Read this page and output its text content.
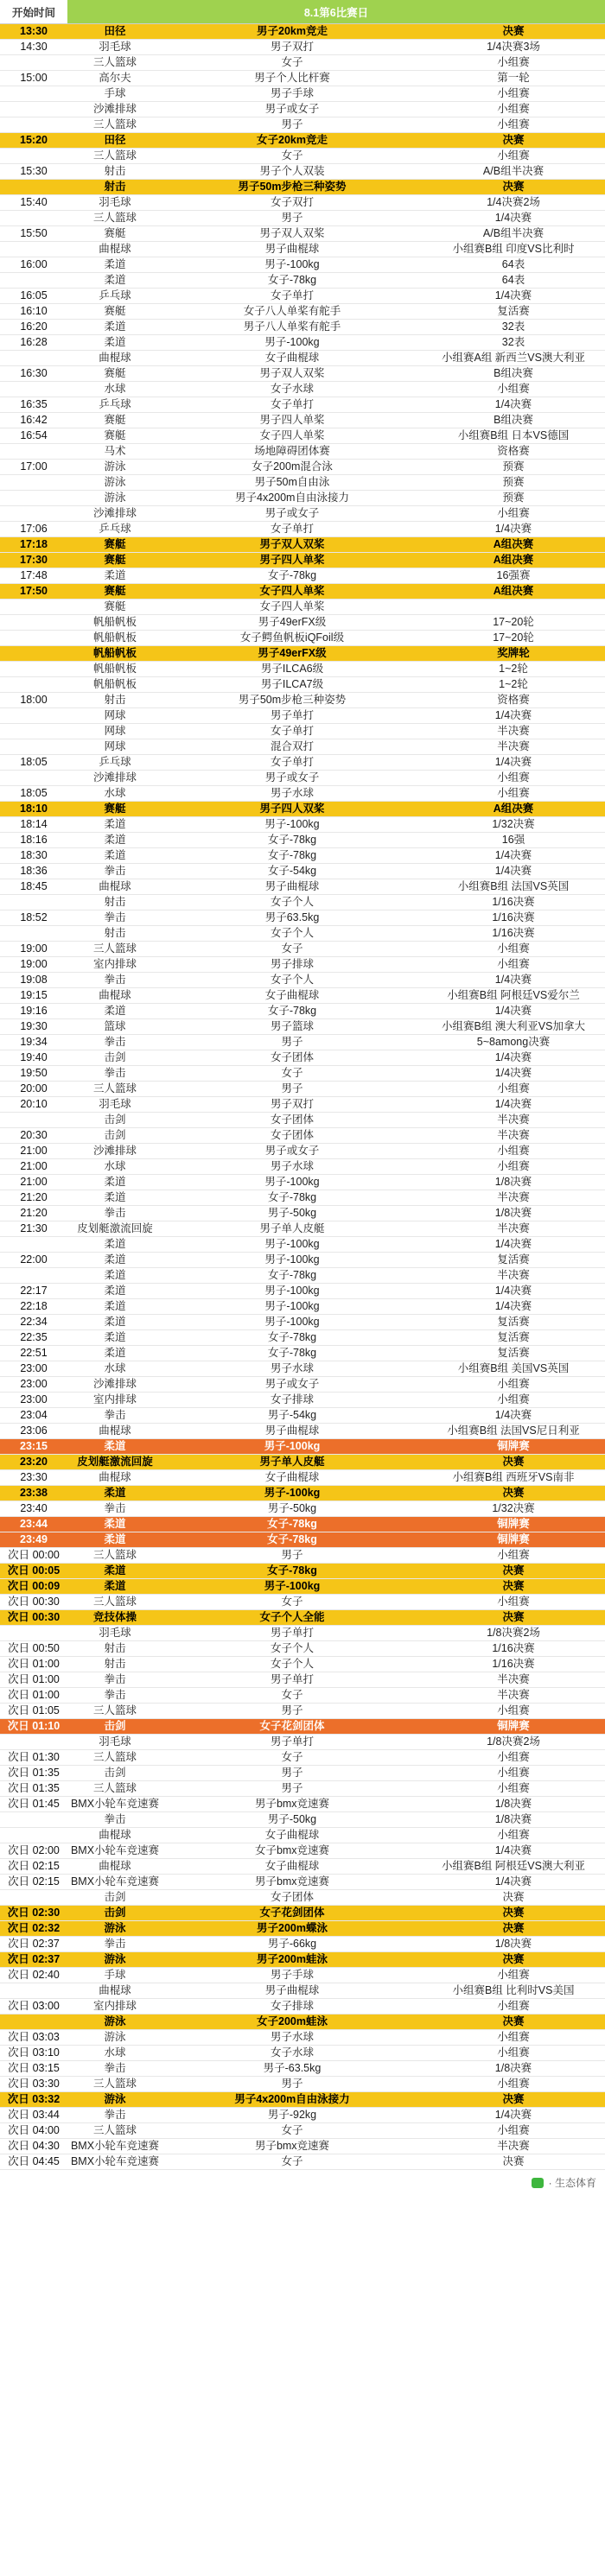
开始时间	8.1第6比赛日
13:30	田径	男子20km竞走	决赛
14:30	羽毛球	男子双打	1/4决赛3场
	三人篮球	女子	小组赛
15:00	高尔夫	男子个人比杆赛	第一轮
	手球	男子手球	小组赛
	沙滩排球	男子或女子	小组赛
	三人篮球	男子	小组赛
15:20	田径	女子20km竞走	决赛
	三人篮球	女子	小组赛
15:30	射击	男子个人双装	A/B组半决赛
	射击	男子50m步枪三种姿势	决赛
15:40	羽毛球	女子双打	1/4决赛2场
	三人篮球	男子	1/4决赛
15:50	赛艇	男子双人双桨	A/B组半决赛
	曲棍球	男子曲棍球	小组赛B组 印度VS比利时
16:00	柔道	男子-100kg	64表
	柔道	女子-78kg	64表
16:05	乒乓球	女子单打	1/4决赛
16:10	赛艇	女子八人单桨有舵手	复活赛
16:20	柔道	男子八人单桨有舵手	32表
16:28	柔道	男子-100kg	32表
	曲棍球	女子曲棍球	小组赛A组 新西兰VS澳大利亚
16:30	赛艇	男子双人双桨	B组决赛
	水球	女子水球	小组赛
16:35	乒乓球	女子单打	1/4决赛
16:42	赛艇	男子四人单桨	B组决赛
16:54	赛艇	女子四人单桨	小组赛B组 日本VS德国
	马术	场地障碍团体赛	资格赛
17:00	游泳	女子200m混合泳	预赛
	游泳	男子50m自由泳	预赛
	游泳	男子4x200m自由泳接力	预赛
	沙滩排球	男子或女子	小组赛
17:06	乒乓球	女子单打	1/4决赛
17:18	赛艇	男子双人双桨	A组决赛
17:30	赛艇	男子四人单桨	A组决赛
17:48	柔道	女子-78kg	16强赛
17:50	赛艇	女子四人单桨	A组决赛
	赛艇	女子四人单桨	
	帆船帆板	男子49erFX级	17~20轮
	帆船帆板	女子鳄鱼帆板iQFoil级	17~20轮
	帆船帆板	男子49erFX级	奖牌轮
	帆船帆板	男子ILCA6级	1~2轮
	帆船帆板	男子ILCA7级	1~2轮
18:00	射击	男子50m步枪三种姿势	资格赛
	网球	男子单打	1/4决赛
	网球	女子单打	半决赛
	网球	混合双打	半决赛
18:05	乒乓球	女子单打	1/4决赛
	沙滩排球	男子或女子	小组赛
18:05	水球	男子水球	小组赛
18:10	赛艇	男子四人双桨	A组决赛
18:14	柔道	男子-100kg	1/32决赛
18:16	柔道	女子-78kg	16强
18:30	柔道	女子-78kg	1/4决赛
18:36	拳击	女子-54kg	1/4决赛
18:45	曲棍球	男子曲棍球	小组赛B组 法国VS英国
	射击	女子个人	1/16决赛
18:52	拳击	男子63.5kg	1/16决赛
	射击	女子个人	1/16决赛
19:00	三人篮球	女子	小组赛
19:00	室内排球	男子排球	小组赛
19:08	拳击	女子个人	1/4决赛
19:15	曲棍球	女子曲棍球	小组赛B组 阿根廷VS爱尔兰
19:16	柔道	女子-78kg	1/4决赛
19:30	篮球	男子篮球	小组赛B组 澳大利亚VS加拿大
19:34	拳击	男子	5~8among决赛
19:40	击剑	女子团体	1/4决赛
19:50	拳击	女子	1/4决赛
20:00	三人篮球	男子	小组赛
20:10	羽毛球	男子双打	1/4决赛
	击剑	女子团体	半决赛
20:30	击剑	女子团体	半决赛
21:00	沙滩排球	男子或女子	小组赛
21:00	水球	男子水球	小组赛
21:00	柔道	男子-100kg	1/8决赛
21:20	柔道	女子-78kg	半决赛
21:20	拳击	男子-50kg	1/8决赛
21:30	皮划艇激流回旋	男子单人皮艇	半决赛
	柔道	男子-100kg	1/4决赛
22:00	柔道	男子-100kg	复活赛
	柔道	女子-78kg	半决赛
22:17	柔道	男子-100kg	1/4决赛
22:18	柔道	男子-100kg	1/4决赛
22:34	柔道	男子-100kg	复活赛
22:35	柔道	女子-78kg	复活赛
22:51	柔道	女子-78kg	复活赛
23:00	水球	男子水球	小组赛B组 美国VS英国
23:00	沙滩排球	男子或女子	小组赛
23:00	室内排球	女子排球	小组赛
23:04	拳击	男子-54kg	1/4决赛
23:06	曲棍球	男子曲棍球	小组赛B组 法国VS尼日利亚
23:15	柔道	男子-100kg	铜牌赛
23:20	皮划艇激流回旋	男子单人皮艇	决赛
23:30	曲棍球	女子曲棍球	小组赛B组 西班牙VS南非
23:38	柔道	男子-100kg	决赛
23:40	拳击	男子-50kg	1/32决赛
23:44	柔道	女子-78kg	铜牌赛
23:49	柔道	女子-78kg	铜牌赛
次日 00:00	三人篮球	男子	小组赛
次日 00:05	柔道	女子-78kg	决赛
次日 00:09	柔道	男子-100kg	决赛
次日 00:30	三人篮球	女子	小组赛
次日 00:30	竞技体操	女子个人全能	决赛
	羽毛球	男子单打	1/8决赛2场
次日 00:50	射击	女子个人	1/16决赛
次日 01:00	射击	女子个人	1/16决赛
次日 01:00	拳击	男子单打	半决赛
次日 01:00	拳击	女子	半决赛
次日 01:05	三人篮球	男子	小组赛
次日 01:10	击剑	女子花剑团体	铜牌赛
	羽毛球	男子单打	1/8决赛2场
次日 01:30	三人篮球	女子	小组赛
次日 01:35	击剑	男子	小组赛
次日 01:35	三人篮球	男子	小组赛
次日 01:45	BMX小轮车竞速赛	男子bmx竞速赛	1/8决赛
	拳击	男子-50kg	1/8决赛
	曲棍球	女子曲棍球	小组赛
次日 02:00	BMX小轮车竞速赛	女子bmx竞速赛	1/4决赛
次日 02:15	曲棍球	女子曲棍球	小组赛B组 阿根廷VS澳大利亚
次日 02:15	BMX小轮车竞速赛	男子bmx竞速赛	1/4决赛
	击剑	女子团体	决赛
次日 02:30	击剑	女子花剑团体	决赛
次日 02:32	游泳	男子200m蝶泳	决赛
次日 02:37	拳击	男子-66kg	1/8决赛
次日 02:37	游泳	男子200m蛙泳	决赛
次日 02:40	手球	男子手球	小组赛
	曲棍球	男子曲棍球	小组赛B组 比利时VS美国
次日 03:00	室内排球	女子排球	小组赛
	游泳	女子200m蛙泳	决赛
次日 03:03	游泳	男子水球	小组赛
次日 03:10	水球	女子水球	小组赛
次日 03:15	拳击	男子-63.5kg	1/8决赛
次日 03:30	三人篮球	男子	小组赛
次日 03:32	游泳	男子4x200m自由泳接力	决赛
次日 03:44	拳击	男子-92kg	1/4决赛
次日 04:00	三人篮球	女子	小组赛
次日 04:30	BMX小轮车竞速赛	男子bmx竞速赛	半决赛
次日 04:45	BMX小轮车竞速赛	女子	决赛
· 生态体育
